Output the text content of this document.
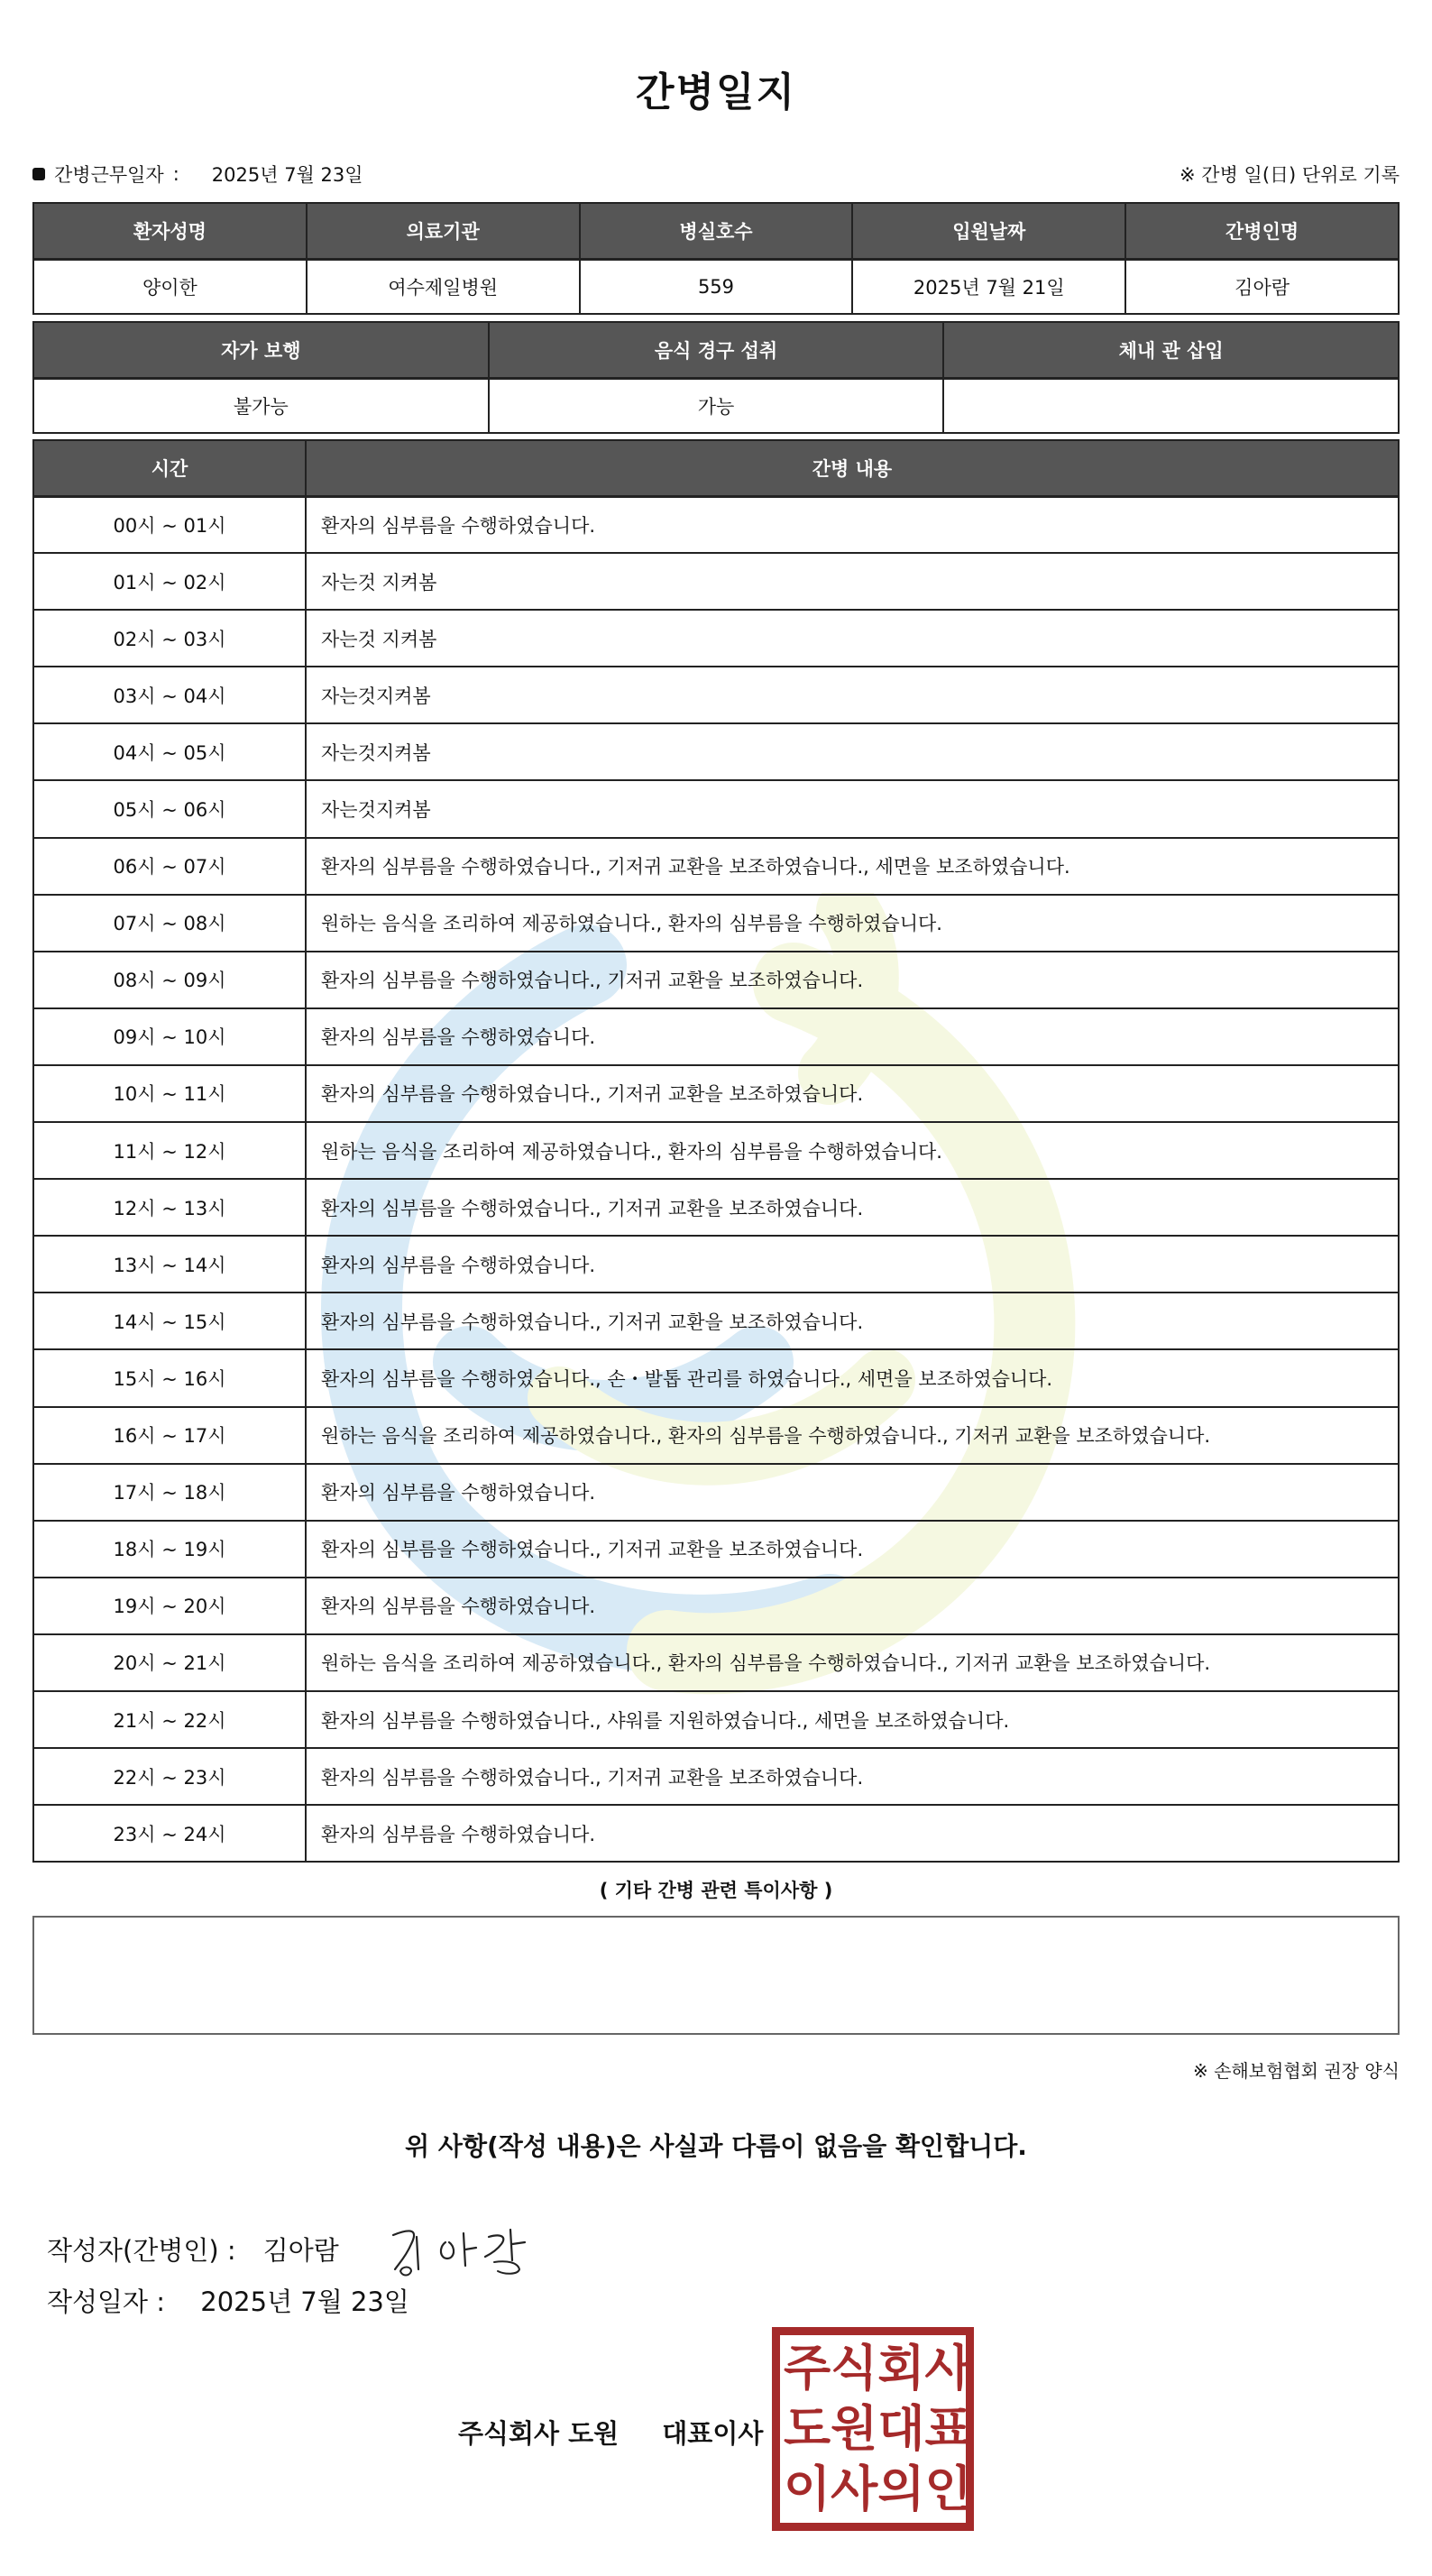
간병일지
간병근무일자 : 2025년 7월 23일	※ 간병 일(日) 단위로 기록
환자성명	의료기관	병실호수	입원날짜	간병인명
양이한	여수제일병원	559	2025년 7월 21일	김아람
자가 보행	음식 경구 섭취	체내 관 삽입
불가능	가능	
시간	간병 내용
00시 ~ 01시	환자의 심부름을 수행하였습니다.
01시 ~ 02시	자는것 지켜봄
02시 ~ 03시	자는것 지켜봄
03시 ~ 04시	자는것지켜봄
04시 ~ 05시	자는것지켜봄
05시 ~ 06시	자는것지켜봄
06시 ~ 07시	환자의 심부름을 수행하였습니다., 기저귀 교환을 보조하였습니다., 세면을 보조하였습니다.
07시 ~ 08시	원하는 음식을 조리하여 제공하였습니다., 환자의 심부름을 수행하였습니다.
08시 ~ 09시	환자의 심부름을 수행하였습니다., 기저귀 교환을 보조하였습니다.
09시 ~ 10시	환자의 심부름을 수행하였습니다.
10시 ~ 11시	환자의 심부름을 수행하였습니다., 기저귀 교환을 보조하였습니다.
11시 ~ 12시	원하는 음식을 조리하여 제공하였습니다., 환자의 심부름을 수행하였습니다.
12시 ~ 13시	환자의 심부름을 수행하였습니다., 기저귀 교환을 보조하였습니다.
13시 ~ 14시	환자의 심부름을 수행하였습니다.
14시 ~ 15시	환자의 심부름을 수행하였습니다., 기저귀 교환을 보조하였습니다.
15시 ~ 16시	환자의 심부름을 수행하였습니다., 손・발톱 관리를 하였습니다., 세면을 보조하였습니다.
16시 ~ 17시	원하는 음식을 조리하여 제공하였습니다., 환자의 심부름을 수행하였습니다., 기저귀 교환을 보조하였습니다.
17시 ~ 18시	환자의 심부름을 수행하였습니다.
18시 ~ 19시	환자의 심부름을 수행하였습니다., 기저귀 교환을 보조하였습니다.
19시 ~ 20시	환자의 심부름을 수행하였습니다.
20시 ~ 21시	원하는 음식을 조리하여 제공하였습니다., 환자의 심부름을 수행하였습니다., 기저귀 교환을 보조하였습니다.
21시 ~ 22시	환자의 심부름을 수행하였습니다., 샤워를 지원하였습니다., 세면을 보조하였습니다.
22시 ~ 23시	환자의 심부름을 수행하였습니다., 기저귀 교환을 보조하였습니다.
23시 ~ 24시	환자의 심부름을 수행하였습니다.
( 기타 간병 관련 특이사항 )
※ 손해보험협회 권장 양식
위 사항(작성 내용)은 사실과 다름이 없음을 확인합니다.
작성자(간병인) : 김아람
작성일자 : 2025년 7월 23일
주식회사 도원 대표이사
주 식 회 사
도 원 대 표
이 사 의 인
